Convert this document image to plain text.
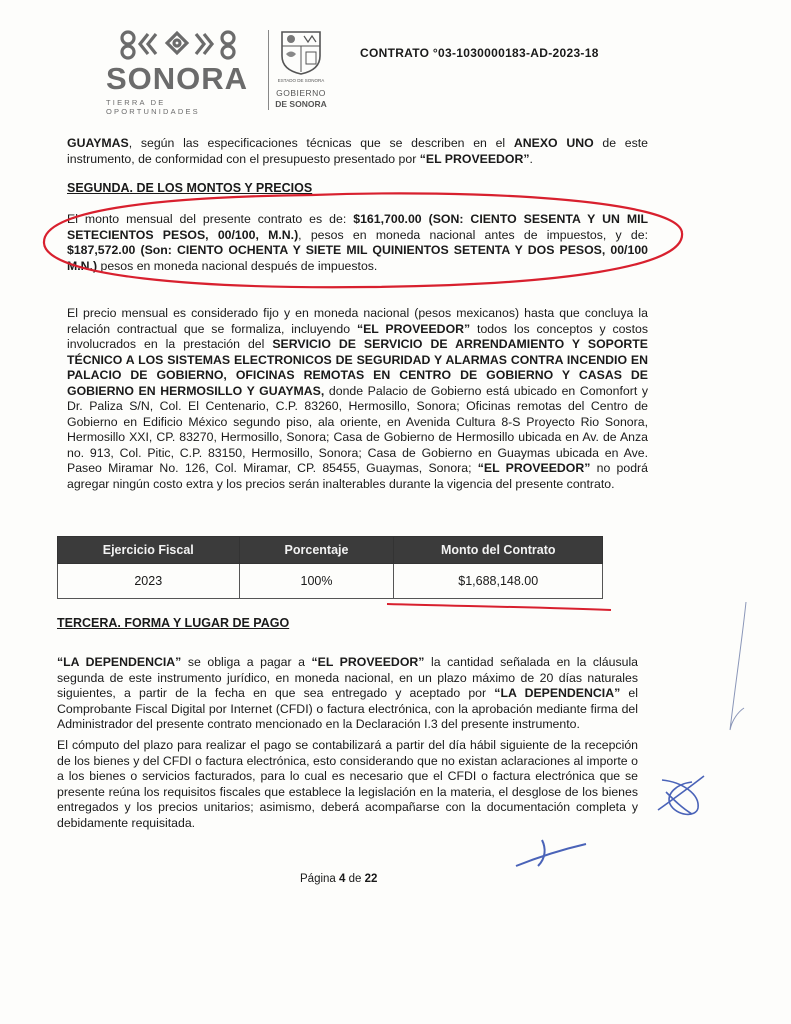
SONORA
TIERRA DE OPORTUNIDADES
ESTADO DE SONORA
GOBIERNO
DE SONORA
CONTRATO °03-1030000183-AD-2023-18

GUAYMAS, según las especificaciones técnicas que se describen en el ANEXO UNO de este instrumento, de conformidad con el presupuesto presentado por “EL PROVEEDOR”.

SEGUNDA. DE LOS MONTOS Y PRECIOS

El monto mensual del presente contrato es de: $161,700.00 (SON: CIENTO SESENTA Y UN MIL SETECIENTOS PESOS, 00/100, M.N.), pesos en moneda nacional antes de impuestos, y de: $187,572.00 (Son: CIENTO OCHENTA Y SIETE MIL QUINIENTOS SETENTA Y DOS PESOS, 00/100 M.N.) pesos en moneda nacional después de impuestos.

El precio mensual es considerado fijo y en moneda nacional (pesos mexicanos) hasta que concluya la relación contractual que se formaliza, incluyendo “EL PROVEEDOR” todos los conceptos y costos involucrados en la prestación del SERVICIO DE SERVICIO DE ARRENDAMIENTO Y SOPORTE TÉCNICO A LOS SISTEMAS ELECTRONICOS DE SEGURIDAD Y ALARMAS CONTRA INCENDIO EN PALACIO DE GOBIERNO, OFICINAS REMOTAS EN CENTRO DE GOBIERNO Y CASAS DE GOBIERNO EN HERMOSILLO Y GUAYMAS, donde Palacio de Gobierno está ubicado en Comonfort y Dr. Paliza S/N, Col. El Centenario, C.P. 83260, Hermosillo, Sonora; Oficinas remotas del Centro de Gobierno en Edificio México segundo piso, ala oriente, en Avenida Cultura 8-S Proyecto Rio Sonora, Hermosillo XXI, CP. 83270, Hermosillo, Sonora; Casa de Gobierno de Hermosillo ubicada en Av. de Anza no. 913, Col. Pitic, C.P. 83150, Hermosillo, Sonora; Casa de Gobierno en Guaymas ubicada en Ave. Paseo Miramar No. 126, Col. Miramar, CP. 85455, Guaymas, Sonora; “EL PROVEEDOR” no podrá agregar ningún costo extra y los precios serán inalterables durante la vigencia del presente contrato.

Ejercicio Fiscal	Porcentaje	Monto del Contrato
2023	100%	$1,688,148.00
TERCERA. FORMA Y LUGAR DE PAGO

“LA DEPENDENCIA” se obliga a pagar a “EL PROVEEDOR” la cantidad señalada en la cláusula segunda de este instrumento jurídico, en moneda nacional, en un plazo máximo de 20 días naturales siguientes, a partir de la fecha en que sea entregado y aceptado por “LA DEPENDENCIA” el Comprobante Fiscal Digital por Internet (CFDI) o factura electrónica, con la aprobación mediante firma del Administrador del presente contrato mencionado en la Declaración I.3 del presente instrumento.

El cómputo del plazo para realizar el pago se contabilizará a partir del día hábil siguiente de la recepción de los bienes y del CFDI o factura electrónica, esto considerando que no existan aclaraciones al importe o a los bienes o servicios facturados, para lo cual es necesario que el CFDI o factura electrónica que se presente reúna los requisitos fiscales que establece la legislación en la materia, el desglose de los bienes entregados y los precios unitarios; asimismo, deberá acompañarse con la documentación completa y debidamente requisitada.

Página 4 de 22
